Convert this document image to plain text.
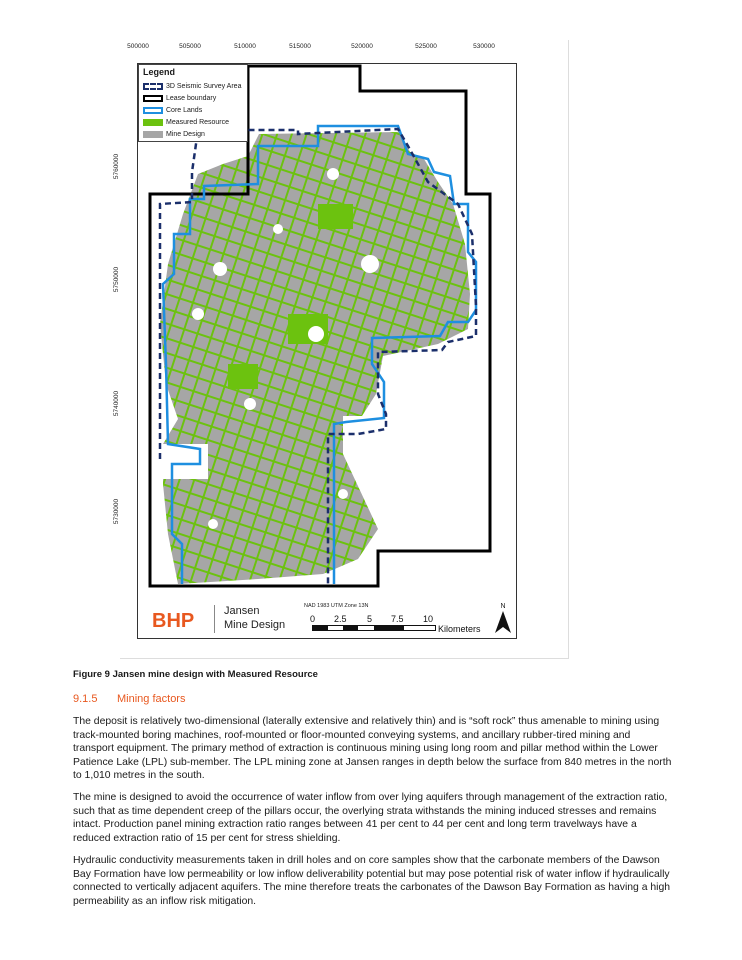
500000	505000	510000	515000	520000	525000	530000
5760000
5750000
5740000
5730000
Legend
3D Seismic Survey Area
Lease boundary
Core Lands
Measured Resource
Mine Design
BHP	Jansen
Mine Design
NAD 1983 UTM Zone 13N
0 2.5 5 7.5 10
Kilometers
N
Figure 9 Jansen mine design with Measured Resource
9.1.5 Mining factors

The deposit is relatively two-dimensional (laterally extensive and relatively thin) and is “soft rock” thus amenable to mining using track-mounted boring machines, roof-mounted or floor-mounted conveying systems, and ancillary rubber-tired mining and transport equipment. The primary method of extraction is continuous mining using long room and pillar method within the Lower Patience Lake (LPL) sub-member. The LPL mining zone at Jansen ranges in depth below the surface from 840 metres in the north to 1,010 metres in the south.

The mine is designed to avoid the occurrence of water inflow from over lying aquifers through management of the extraction ratio, such that as time dependent creep of the pillars occur, the overlying strata withstands the mining induced stresses and remains intact. Production panel mining extraction ratio ranges between 41 per cent to 44 per cent and long term travelways have a reduced extraction ratio of 15 per cent for stress shielding.

Hydraulic conductivity measurements taken in drill holes and on core samples show that the carbonate members of the Dawson Bay Formation have low permeability or low inflow deliverability potential but may pose potential risk of water inflow if hydraulically connected to vertically adjacent aquifers. The mine therefore treats the carbonates of the Dawson Bay Formation as having a high permeability as an inflow risk mitigation.
